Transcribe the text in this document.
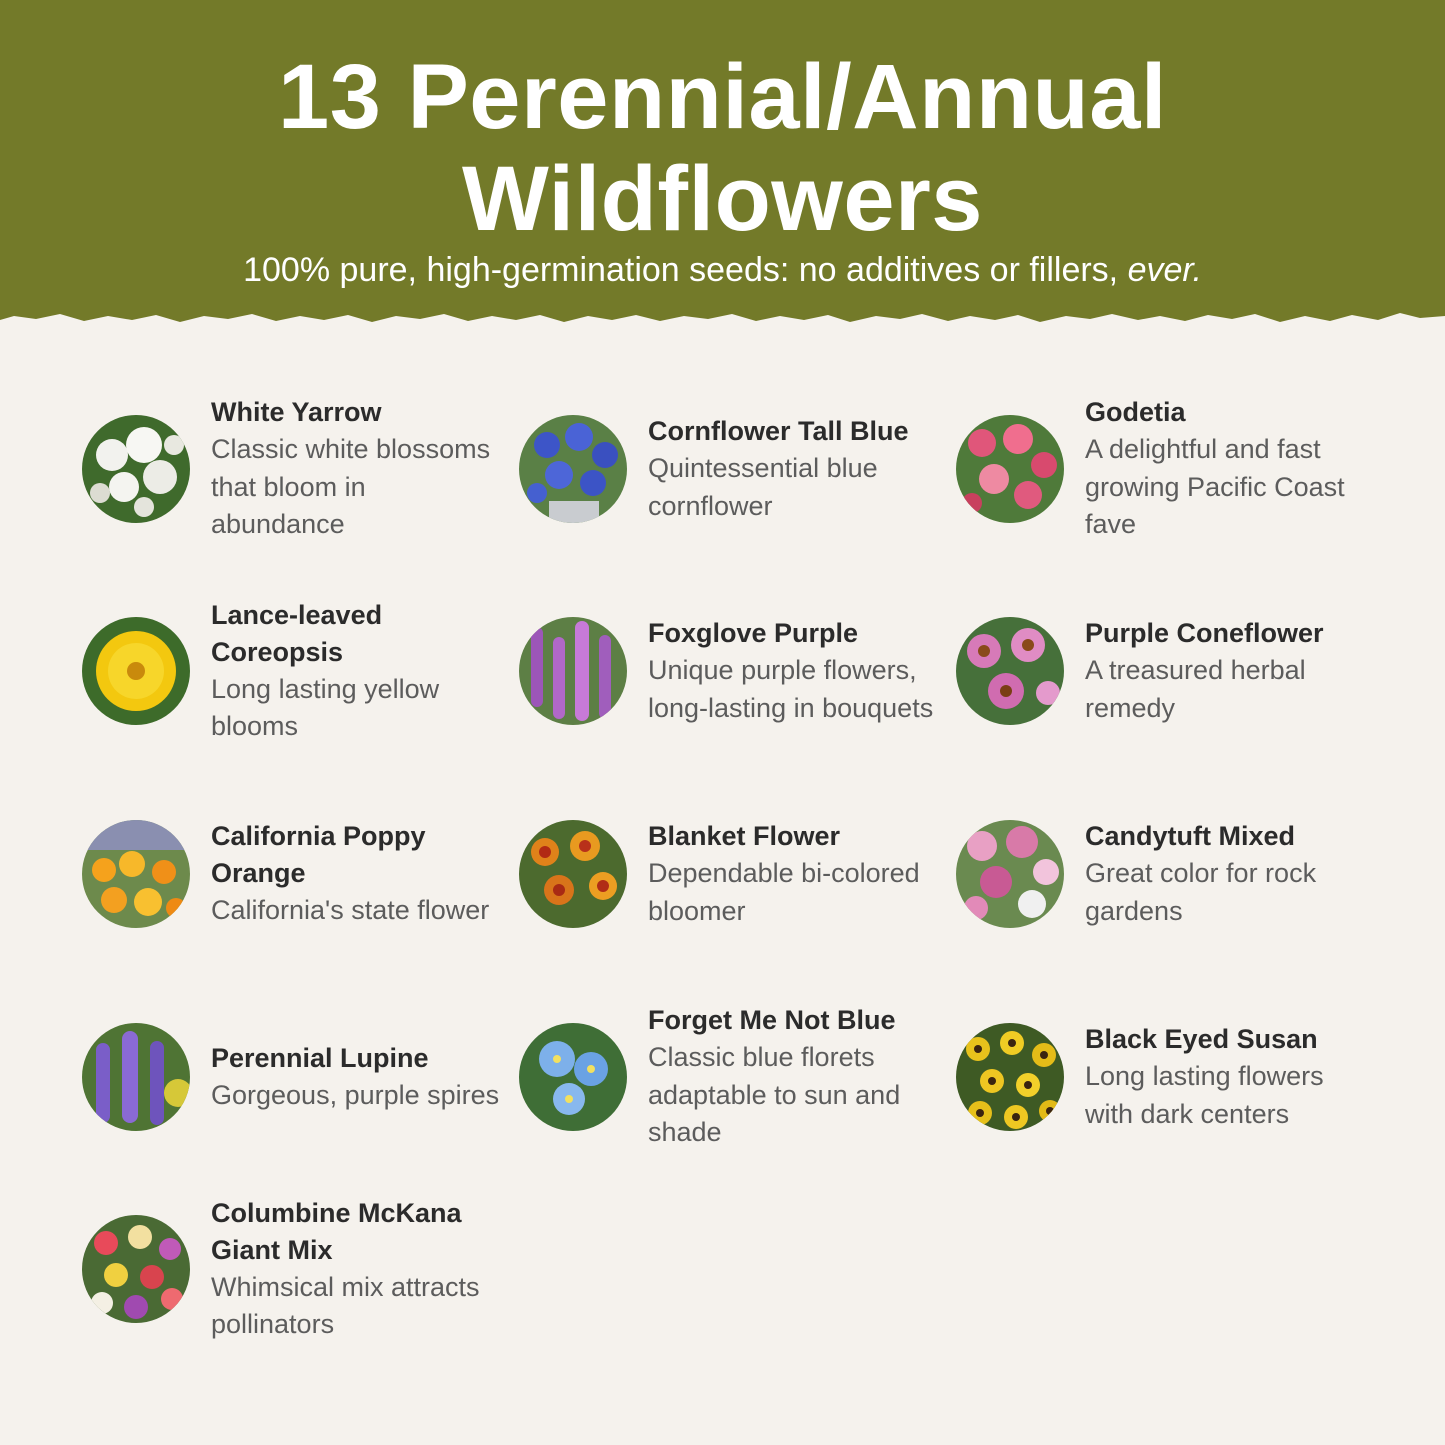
13 Perennial/Annual
Wildflowers

100% pure, high-germination seeds: no additives or fillers, ever.

White Yarrow

Classic white blossoms that bloom in abundance

Cornflower Tall Blue

Quintessential blue cornflower

Godetia

A delightful and fast growing Pacific Coast fave

Lance-leaved Coreopsis

Long lasting yellow blooms

Foxglove Purple

Unique purple flowers, long-lasting in bouquets

Purple Coneflower

A treasured herbal remedy

California Poppy Orange

California's state flower

Blanket Flower

Dependable bi-colored bloomer

Candytuft Mixed

Great color for rock gardens

Perennial Lupine

Gorgeous, purple spires

Forget Me Not Blue

Classic blue florets adaptable to sun and shade

Black Eyed Susan

Long lasting flowers with dark centers

Columbine McKana Giant Mix

Whimsical mix attracts pollinators
